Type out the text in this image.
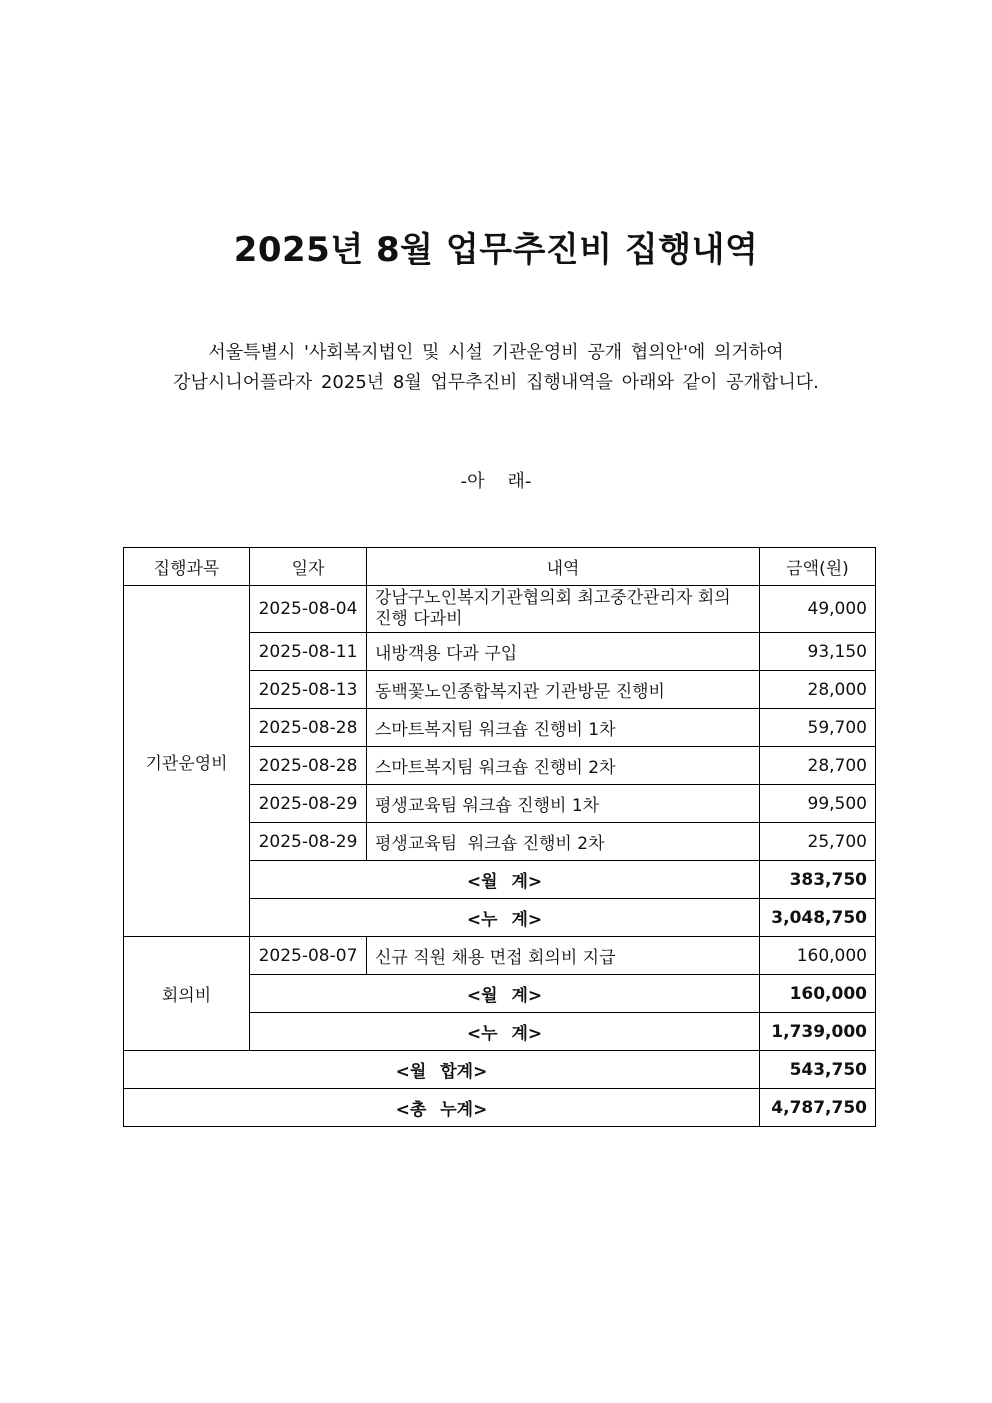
2025년 8월 업무추진비 집행내역
서울특별시 '사회복지법인 및 시설 기관운영비 공개 협의안'에 의거하여
강남시니어플라자 2025년 8월 업무추진비 집행내역을 아래와 같이 공개합니다.
-아    래-
집행과목	일자	내역	금액(원)
기관운영비	2025-08-04	강남구노인복지기관협의회 최고중간관리자 회의 진행 다과비	49,000
	2025-08-11	내방객용 다과 구입	93,150
	2025-08-13	동백꽃노인종합복지관 기관방문 진행비	28,000
	2025-08-28	스마트복지팀 워크숍 진행비 1차	59,700
	2025-08-28	스마트복지팀 워크숍 진행비 2차	28,700
	2025-08-29	평생교육팀 워크숍 진행비 1차	99,500
	2025-08-29	평생교육팀  워크숍 진행비 2차	25,700
	<월 계>		383,750
	<누 계>		3,048,750
회의비	2025-08-07	신규 직원 채용 면접 회의비 지급	160,000
	<월 계>		160,000
	<누 계>		1,739,000
<월 합계>			543,750
<총 누계>			4,787,750
